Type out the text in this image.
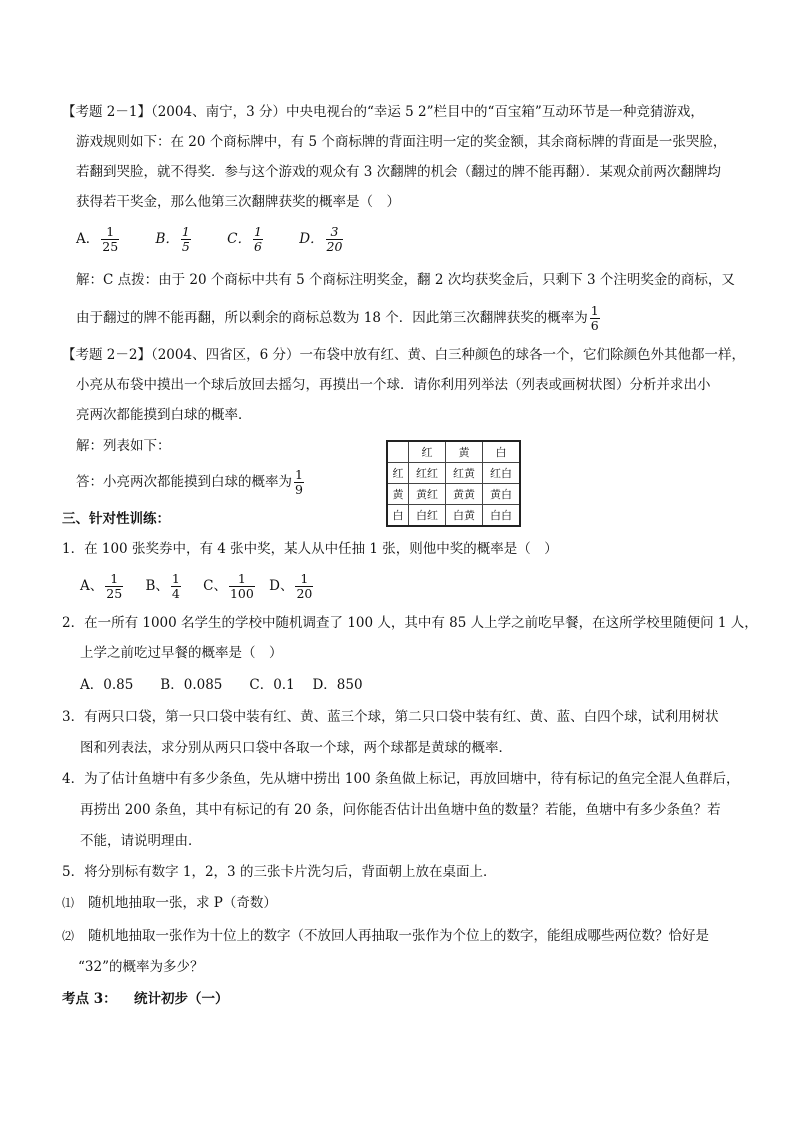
【考题 2－1】（2004、南宁，3 分）中央电视台的“幸运 5 2”栏目中的“百宝箱”互动环节是一种竞猜游戏，
游戏规则如下：在 20 个商标牌中，有 5 个商标牌的背面注明一定的奖金额，其余商标牌的背面是一张哭脸，
若翻到哭脸，就不得奖．参与这个游戏的观众有 3 次翻牌的机会（翻过的牌不能再翻）．某观众前两次翻牌均
获得若干奖金，那么他第三次翻牌获奖的概率是（　）
A． $\frac{1}{25}$	B． $\frac{1}{5}$	C． $\frac{1}{6}$	D． $\frac{3}{20}$
解：C 点拨：由于 20 个商标中共有 5 个商标注明奖金，翻 2 次均获奖金后，只剩下 3 个注明奖金的商标，又
由于翻过的牌不能再翻，所以剩余的商标总数为 18 个．因此第三次翻牌获奖的概率为 $\frac{1}{6}$
【考题 2－2】（2004、四省区，6 分）一布袋中放有红、黄、白三种颜色的球各一个，它们除颜色外其他都一样，
小亮从布袋中摸出一个球后放回去摇匀，再摸出一个球．请你利用列举法（列表或画树状图）分析并求出小
亮两次都能摸到白球的概率．
解：列表如下：
答：小亮两次都能摸到白球的概率为 $\frac{1}{9}$
	红	黄	白
红	红红	红黄	红白
黄	黄红	黄黄	黄白
白	白红	白黄	白白
三、针对性训练：
1．在 100 张奖券中，有 4 张中奖，某人从中任抽 1 张，则他中奖的概率是（　）
A、 $\frac{1}{25}$ B、 $\frac{1}{4}$ C、 $\frac{1}{100}$ D、 $\frac{1}{20}$
2．在一所有 1000 名学生的学校中随机调查了 100 人，其中有 85 人上学之前吃早餐，在这所学校里随便问 1 人，
上学之前吃过早餐的概率是（　）
A．0.85　　B．0.085　　C．0.1　 D．850
3．有两只口袋，第一只口袋中装有红、黄、蓝三个球，第二只口袋中装有红、黄、蓝、白四个球，试利用树状
图和列表法，求分别从两只口袋中各取一个球，两个球都是黄球的概率．
4．为了估计鱼塘中有多少条鱼，先从塘中捞出 100 条鱼做上标记，再放回塘中，待有标记的鱼完全混人鱼群后，
再捞出 200 条鱼，其中有标记的有 20 条，问你能否估计出鱼塘中鱼的数量？若能，鱼塘中有多少条鱼？若
不能，请说明理由．
5．将分别标有数字 1，2，3 的三张卡片洗匀后，背面朝上放在桌面上．
⑴ 随机地抽取一张，求 P（奇数）
⑵ 随机地抽取一张作为十位上的数字（不放回人再抽取一张作为个位上的数字，能组成哪些两位数？恰好是
“32”的概率为多少？
考点 3： 统计初步（一）
